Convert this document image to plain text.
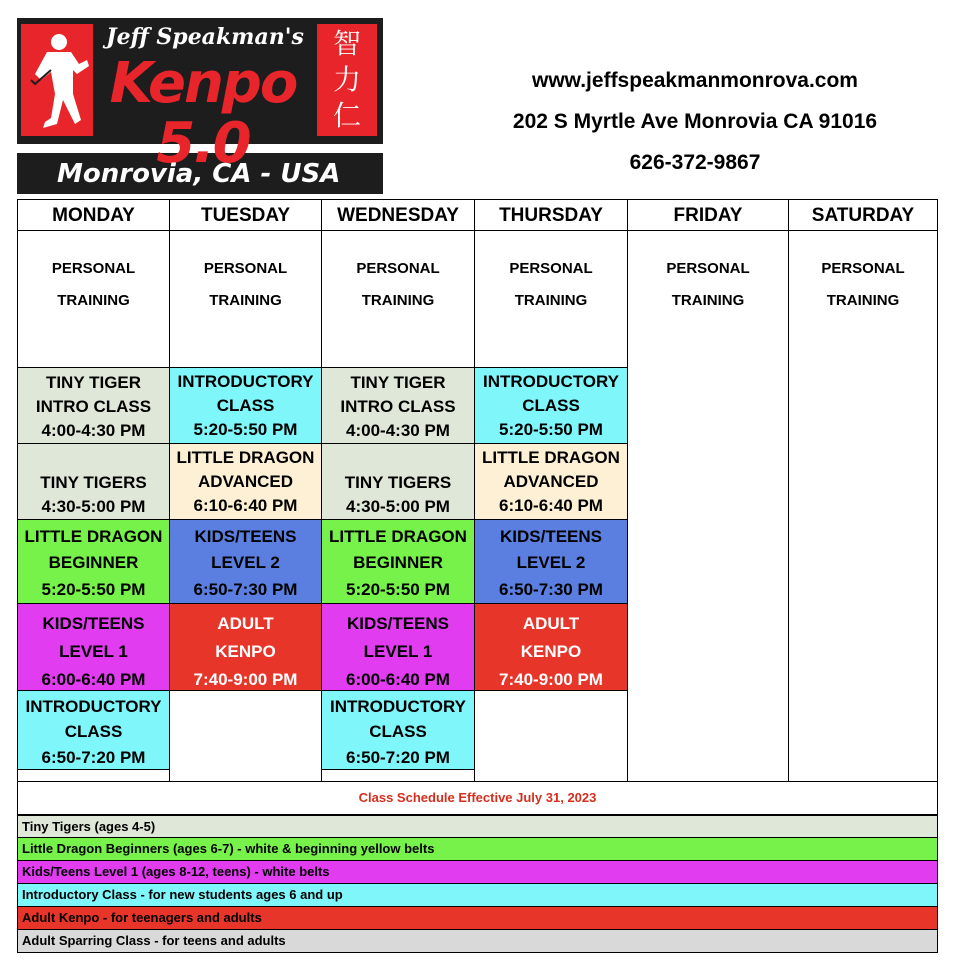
智
力
仁
Jeff Speakman's
Kenpo 5.0
Monrovia, CA - USA
www.jeffspeakmanmonrova.com
202 S Myrtle Ave Monrovia CA 91016
626-372-9867
MONDAY
PERSONAL
TRAINING
TINY TIGER
INTRO CLASS
4:00-4:30 PM
TINY TIGERS
4:30-5:00 PM
LITTLE DRAGON
BEGINNER
5:20-5:50 PM
KIDS/TEENS
LEVEL 1
6:00-6:40 PM
INTRODUCTORY
CLASS
6:50-7:20 PM
TUESDAY
PERSONAL
TRAINING
INTRODUCTORY
CLASS
5:20-5:50 PM
LITTLE DRAGON
ADVANCED
6:10-6:40 PM
KIDS/TEENS
LEVEL 2
6:50-7:30 PM
ADULT
KENPO
7:40-9:00 PM
WEDNESDAY
PERSONAL
TRAINING
TINY TIGER
INTRO CLASS
4:00-4:30 PM
TINY TIGERS
4:30-5:00 PM
LITTLE DRAGON
BEGINNER
5:20-5:50 PM
KIDS/TEENS
LEVEL 1
6:00-6:40 PM
INTRODUCTORY
CLASS
6:50-7:20 PM
THURSDAY
PERSONAL
TRAINING
INTRODUCTORY
CLASS
5:20-5:50 PM
LITTLE DRAGON
ADVANCED
6:10-6:40 PM
KIDS/TEENS
LEVEL 2
6:50-7:30 PM
ADULT
KENPO
7:40-9:00 PM
FRIDAY
PERSONAL
TRAINING
SATURDAY
PERSONAL
TRAINING
Class Schedule Effective July 31, 2023
Tiny Tigers (ages 4-5)
Little Dragon Beginners (ages 6-7) - white & beginning yellow belts
Kids/Teens Level 1 (ages 8-12, teens) - white belts
Introductory Class - for new students ages 6 and up
Adult Kenpo - for teenagers and adults
Adult Sparring Class - for teens and adults
